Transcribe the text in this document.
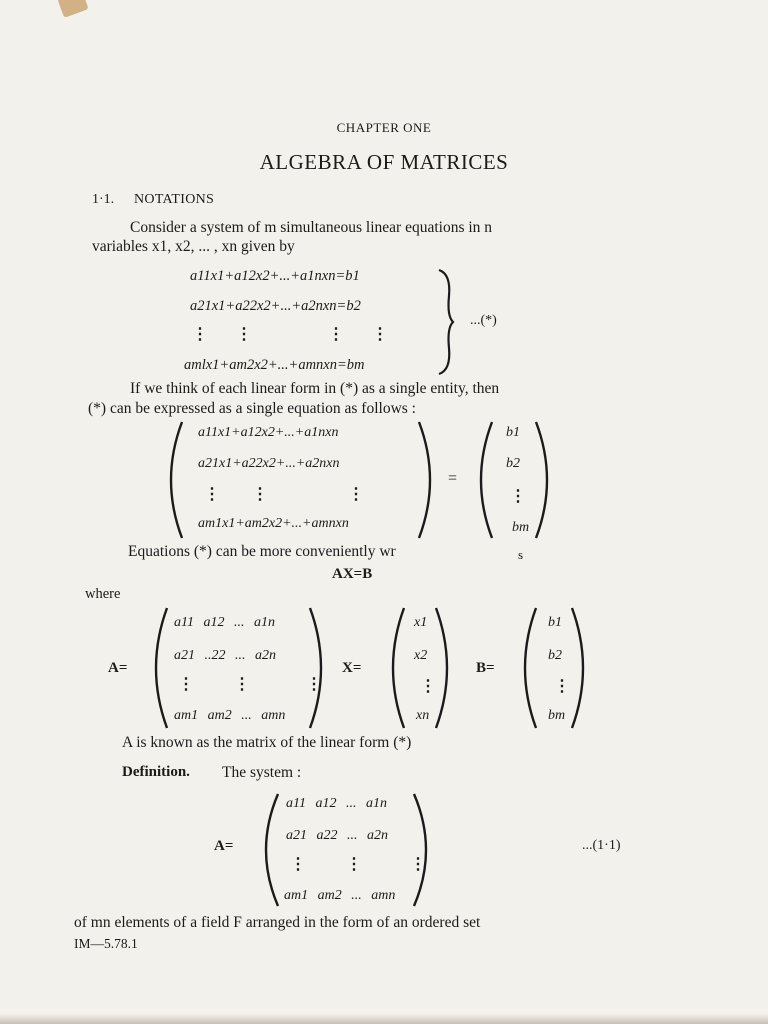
CHAPTER ONE
ALGEBRA OF MATRICES
1·1. NOTATIONS
Consider a system of m simultaneous linear equations in n
variables x1, x2, ... , xn given by
a11x1+a12x2+...+a1nxn=b1
a21x1+a22x2+...+a2nxn=b2
⋮       ⋮                   ⋮       ⋮
amlx1+am2x2+...+amnxn=bm
...(*)
If we think of each linear form in (*) as a single entity, then
(*) can be expressed as a single equation as follows :
a11x1+a12x2+...+a1nxn
a21x1+a22x2+...+a2nxn
⋮        ⋮                    ⋮
am1x1+am2x2+...+amnxn
=
b1
b2
⋮
bm
Equations (*) can be more conveniently wr	s
AX=B
where
A=
a11 a12 ... a1n
a21 ..22 ... a2n
⋮          ⋮              ⋮
am1 am2 ... amn
X=
x1
x2
⋮
xn
B=
b1
b2
⋮
bm
A is known as the matrix of the linear form (*)
Definition. The system :
A=
a11 a12 ... a1n
a21 a22 ... a2n
⋮          ⋮            ⋮
am1 am2 ... amn
...(1·1)
of mn elements of a field F arranged in the form of an ordered set
IM—5.78.1
